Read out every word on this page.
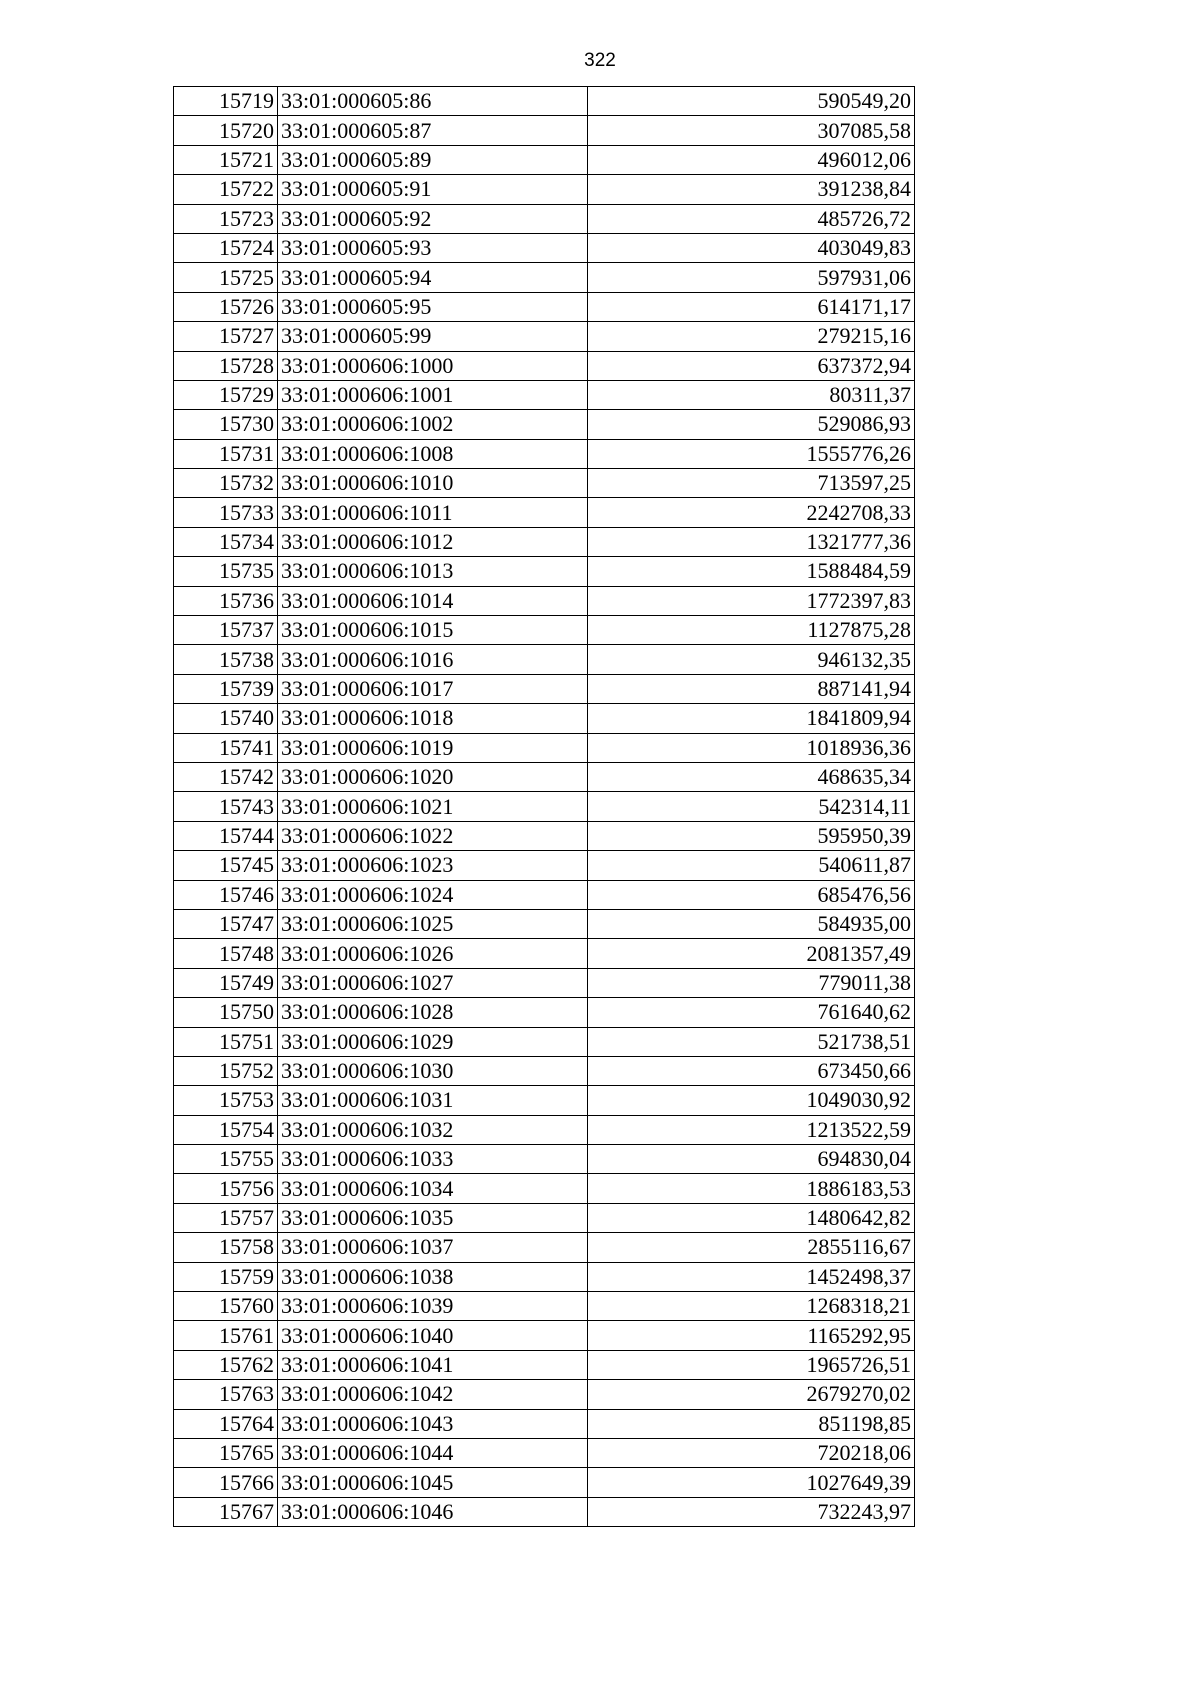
322
15719	33:01:000605:86	590549,20
15720	33:01:000605:87	307085,58
15721	33:01:000605:89	496012,06
15722	33:01:000605:91	391238,84
15723	33:01:000605:92	485726,72
15724	33:01:000605:93	403049,83
15725	33:01:000605:94	597931,06
15726	33:01:000605:95	614171,17
15727	33:01:000605:99	279215,16
15728	33:01:000606:1000	637372,94
15729	33:01:000606:1001	80311,37
15730	33:01:000606:1002	529086,93
15731	33:01:000606:1008	1555776,26
15732	33:01:000606:1010	713597,25
15733	33:01:000606:1011	2242708,33
15734	33:01:000606:1012	1321777,36
15735	33:01:000606:1013	1588484,59
15736	33:01:000606:1014	1772397,83
15737	33:01:000606:1015	1127875,28
15738	33:01:000606:1016	946132,35
15739	33:01:000606:1017	887141,94
15740	33:01:000606:1018	1841809,94
15741	33:01:000606:1019	1018936,36
15742	33:01:000606:1020	468635,34
15743	33:01:000606:1021	542314,11
15744	33:01:000606:1022	595950,39
15745	33:01:000606:1023	540611,87
15746	33:01:000606:1024	685476,56
15747	33:01:000606:1025	584935,00
15748	33:01:000606:1026	2081357,49
15749	33:01:000606:1027	779011,38
15750	33:01:000606:1028	761640,62
15751	33:01:000606:1029	521738,51
15752	33:01:000606:1030	673450,66
15753	33:01:000606:1031	1049030,92
15754	33:01:000606:1032	1213522,59
15755	33:01:000606:1033	694830,04
15756	33:01:000606:1034	1886183,53
15757	33:01:000606:1035	1480642,82
15758	33:01:000606:1037	2855116,67
15759	33:01:000606:1038	1452498,37
15760	33:01:000606:1039	1268318,21
15761	33:01:000606:1040	1165292,95
15762	33:01:000606:1041	1965726,51
15763	33:01:000606:1042	2679270,02
15764	33:01:000606:1043	851198,85
15765	33:01:000606:1044	720218,06
15766	33:01:000606:1045	1027649,39
15767	33:01:000606:1046	732243,97
